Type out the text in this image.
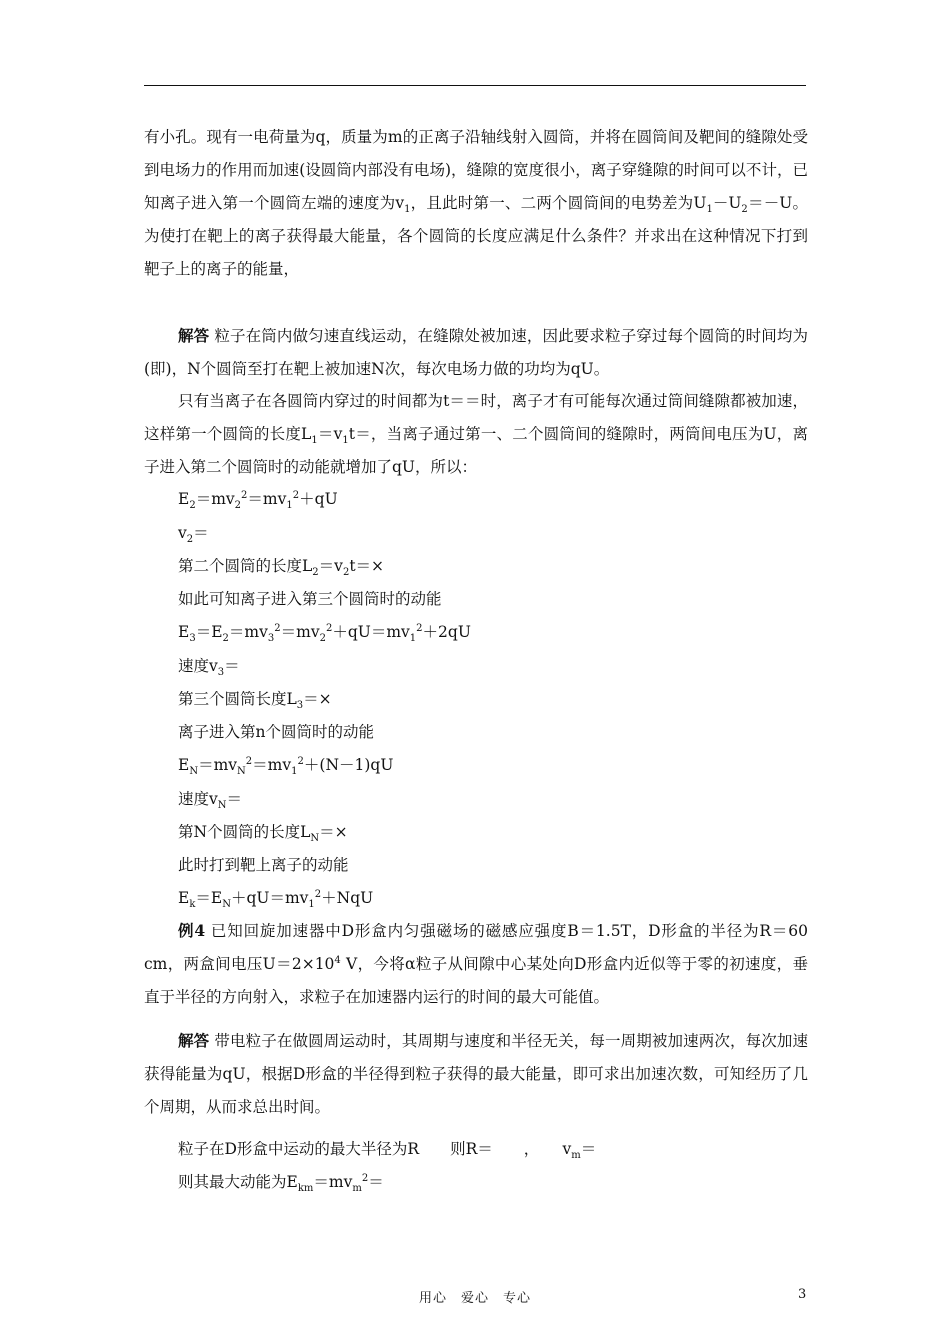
有小孔。现有一电荷量为q，质量为m的正离子沿轴线射入圆筒，并将在圆筒间及靶间的缝隙处受到电场力的作用而加速(设圆筒内部没有电场)，缝隙的宽度很小，离子穿缝隙的时间可以不计，已知离子进入第一个圆筒左端的速度为$v_1$，且此时第一、二两个圆筒间的电势差为$U_1-U_2=-U$。为使打在靶上的离子获得最大能量，各个圆筒的长度应满足什么条件？并求出在这种情况下打到靶子上的离子的能量，

解答 粒子在筒内做匀速直线运动，在缝隙处被加速，因此要求粒子穿过每个圆筒的时间均为(即)，N个圆筒至打在靶上被加速N次，每次电场力做的功均为qU。

只有当离子在各圆筒内穿过的时间都为t＝＝时，离子才有可能每次通过筒间缝隙都被加速，这样第一个圆筒的长度$L_1=v_1t=$，当离子通过第一、二个圆筒间的缝隙时，两筒间电压为U，离子进入第二个圆筒时的动能就增加了qU，所以：

$E_2=mv_2^2=mv_1^2+qU$
$v_2=$
第二个圆筒的长度$L_2=v_2t=\times$
如此可知离子进入第三个圆筒时的动能
$E_3=E_2=mv_3^2=mv_2^2+qU=mv_1^2+2qU$
速度$v_3=$
第三个圆筒长度$L_3=\times$
离子进入第n个圆筒时的动能
$E_N=mv_N^2=mv_1^2+(N-1)qU$
速度$v_N=$
第N个圆筒的长度$L_N=\times$
此时打到靶上离子的动能
$E_k=E_N+qU=mv_1^2+NqU$

例4 已知回旋加速器中D形盒内匀强磁场的磁感应强度B＝1.5T，D形盒的半径为R＝60 cm，两盒间电压$U=2\times 10^4$ V，今将α粒子从间隙中心某处向D形盒内近似等于零的初速度，垂直于半径的方向射入，求粒子在加速器内运行的时间的最大可能值。

解答 带电粒子在做圆周运动时，其周期与速度和半径无关，每一周期被加速两次，每次加速获得能量为qU，根据D形盒的半径得到粒子获得的最大能量，即可求出加速次数，可知经历了几个周期，从而求总出时间。

粒子在D形盒中运动的最大半径为R　　则R＝　　，　　$v_m=$
则其最大动能为$E_{km}=mv_m^2=$
用心　爱心　专心	3
